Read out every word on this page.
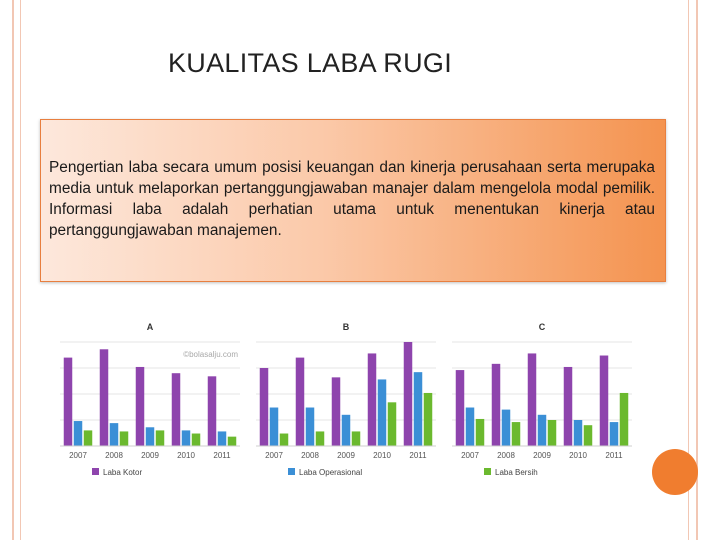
KUALITAS LABA RUGI

Pengertian laba secara umum posisi keuangan dan kinerja perusahaan serta merupaka media untuk melaporkan pertanggungjawaban manajer dalam mengelola modal pemilik. Informasi laba adalah perhatian utama untuk menentukan kinerja atau pertanggungjawaban manajemen.

A
©bolasalju.com
2007 2008 2009 2010 2011
Laba Kotor
B
2007 2008 2009 2010 2011
Laba Operasional
C
2007 2008 2009 2010 2011
Laba Bersih
